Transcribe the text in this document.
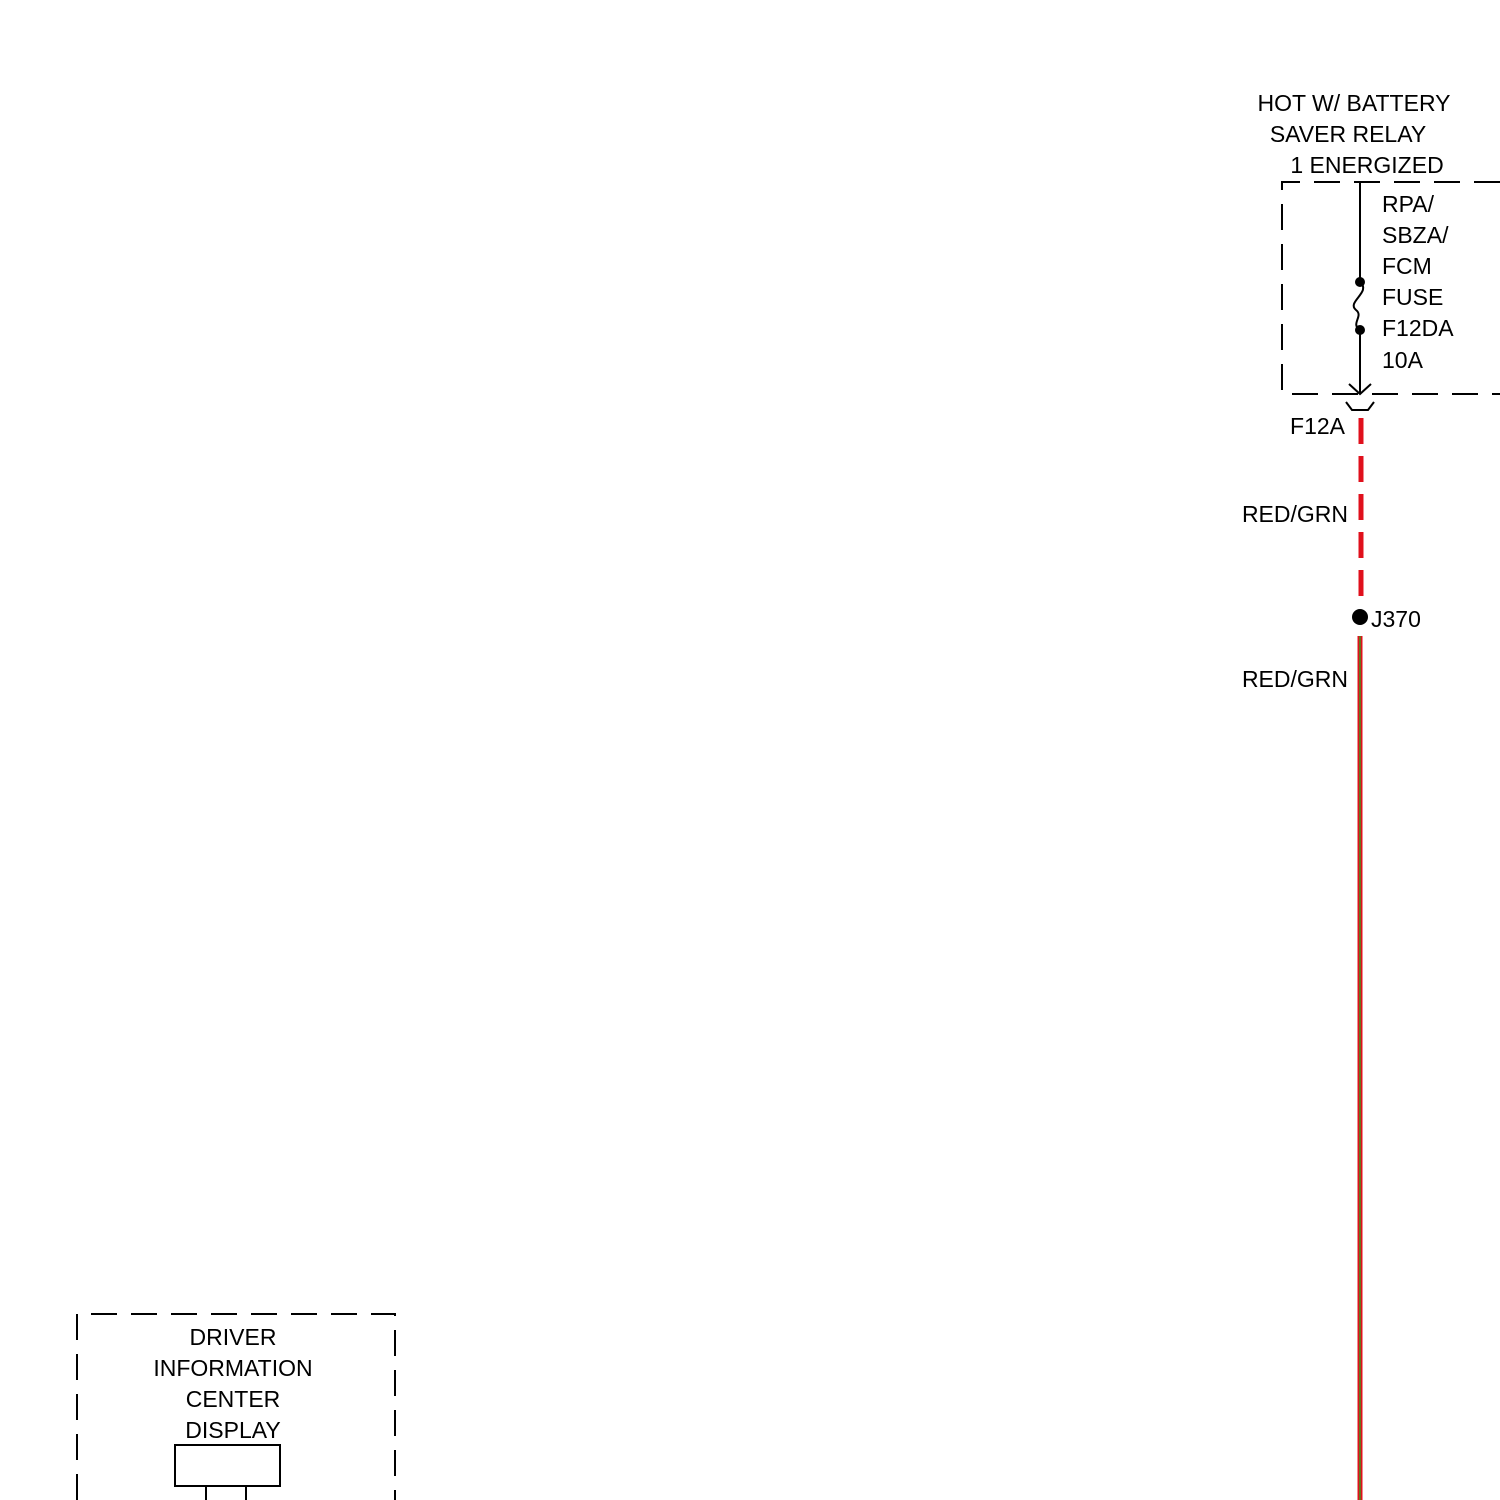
HOT W/ BATTERY
SAVER RELAY
1 ENERGIZED
RPA/
SBZA/
FCM
FUSE
F12DA
10A
F12A
RED/GRN
J370
RED/GRN
DRIVER
INFORMATION
CENTER
DISPLAY
